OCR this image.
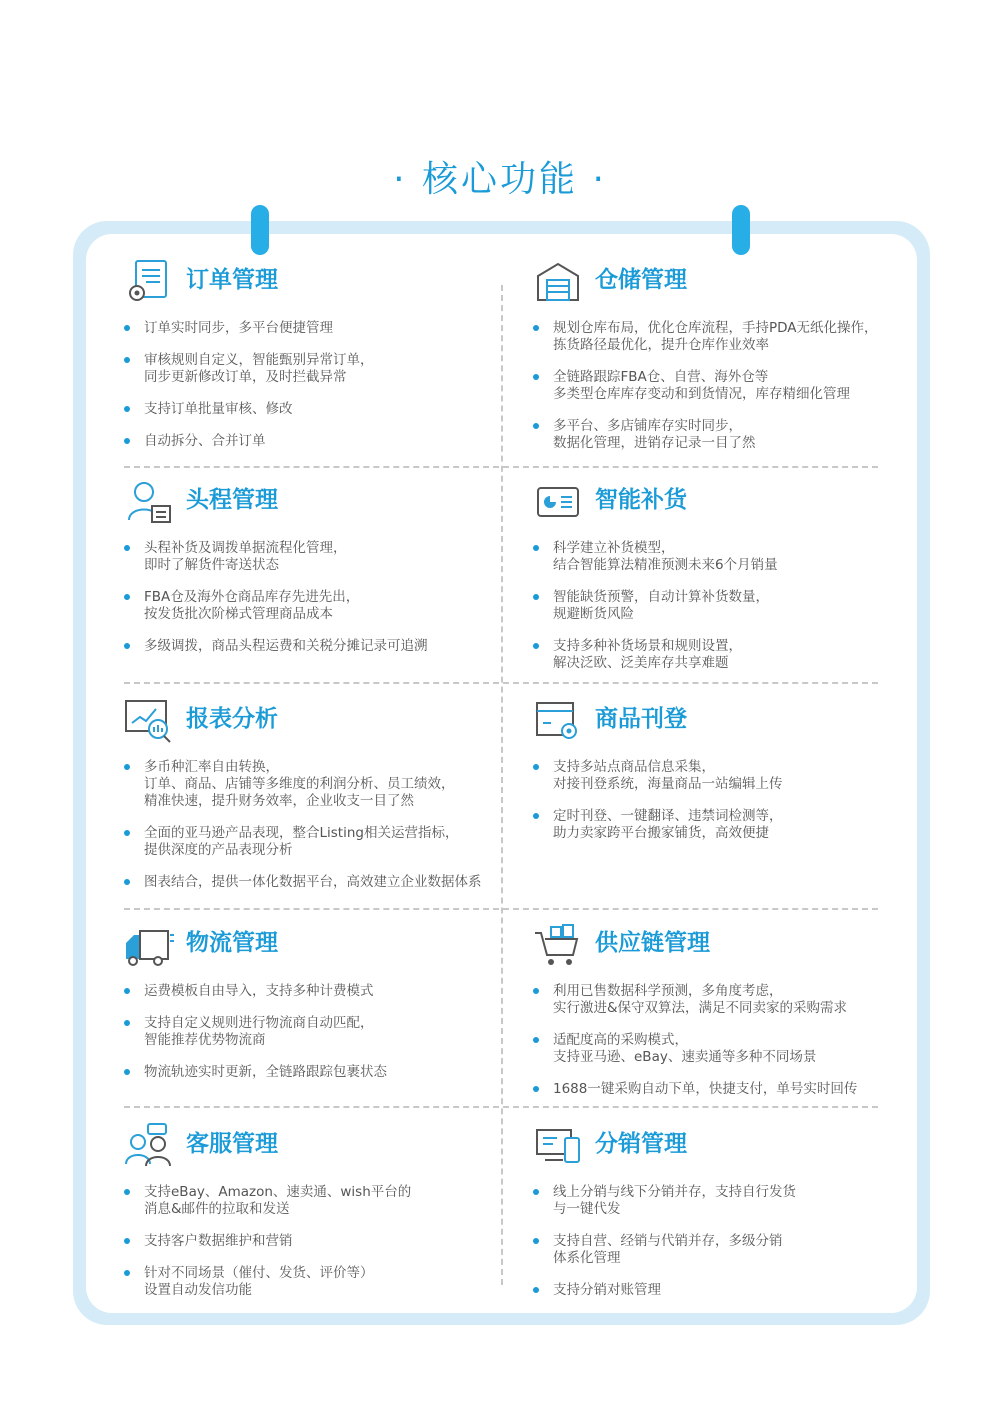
· 核心功能 ·
订单管理
订单实时同步，多平台便捷管理
审核规则自定义，智能甄别异常订单，
同步更新修改订单，及时拦截异常
支持订单批量审核、修改
自动拆分、合并订单
仓储管理
规划仓库布局，优化仓库流程，手持PDA无纸化操作，
拣货路径最优化，提升仓库作业效率
全链路跟踪FBA仓、自营、海外仓等
多类型仓库库存变动和到货情况，库存精细化管理
多平台、多店铺库存实时同步，
数据化管理，进销存记录一目了然
头程管理
头程补货及调拨单据流程化管理，
即时了解货件寄送状态
FBA仓及海外仓商品库存先进先出，
按发货批次阶梯式管理商品成本
多级调拨，商品头程运费和关税分摊记录可追溯
智能补货
科学建立补货模型，
结合智能算法精准预测未来6个月销量
智能缺货预警，自动计算补货数量，
规避断货风险
支持多种补货场景和规则设置，
解决泛欧、泛美库存共享难题
报表分析
多币种汇率自由转换，
订单、商品、店铺等多维度的利润分析、员工绩效，
精准快速，提升财务效率，企业收支一目了然
全面的亚马逊产品表现，整合Listing相关运营指标，
提供深度的产品表现分析
图表结合，提供一体化数据平台，高效建立企业数据体系
商品刊登
支持多站点商品信息采集，
对接刊登系统，海量商品一站编辑上传
定时刊登、一键翻译、违禁词检测等，
助力卖家跨平台搬家铺货，高效便捷
物流管理
运费模板自由导入，支持多种计费模式
支持自定义规则进行物流商自动匹配，
智能推荐优势物流商
物流轨迹实时更新，全链路跟踪包裹状态
供应链管理
利用已售数据科学预测，多角度考虑，
实行激进&保守双算法，满足不同卖家的采购需求
适配度高的采购模式，
支持亚马逊、eBay、速卖通等多种不同场景
1688一键采购自动下单，快捷支付，单号实时回传
客服管理
支持eBay、Amazon、速卖通、wish平台的
消息&邮件的拉取和发送
支持客户数据维护和营销
针对不同场景（催付、发货、评价等）
设置自动发信功能
分销管理
线上分销与线下分销并存，支持自行发货
与一键代发
支持自营、经销与代销并存，多级分销
体系化管理
支持分销对账管理
